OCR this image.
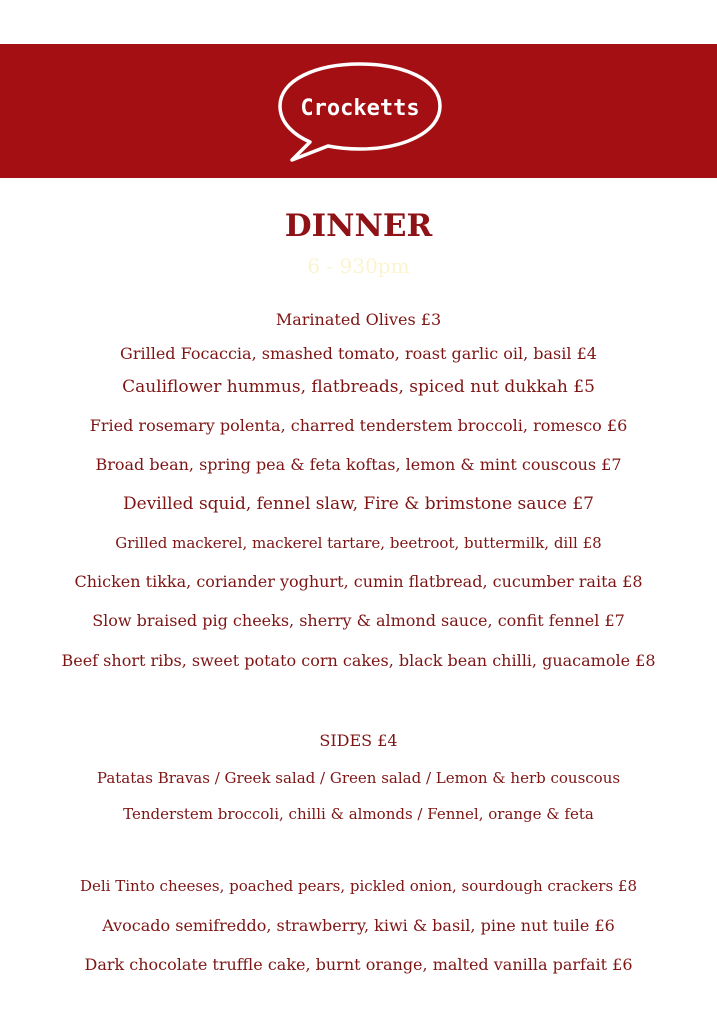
Crocketts
DINNER
6 - 930pm
Marinated Olives £3
Grilled Focaccia, smashed tomato, roast garlic oil, basil £4
Cauliflower hummus, flatbreads, spiced nut dukkah £5
Fried rosemary polenta, charred tenderstem broccoli, romesco £6
Broad bean, spring pea & feta koftas, lemon & mint couscous £7
Devilled squid, fennel slaw, Fire & brimstone sauce £7
Grilled mackerel, mackerel tartare, beetroot, buttermilk, dill £8
Chicken tikka, coriander yoghurt, cumin flatbread, cucumber raita £8
Slow braised pig cheeks, sherry & almond sauce, confit fennel £7
Beef short ribs, sweet potato corn cakes, black bean chilli, guacamole £8
SIDES £4
Patatas Bravas / Greek salad / Green salad / Lemon & herb couscous
Tenderstem broccoli, chilli & almonds / Fennel, orange & feta
Deli Tinto cheeses, poached pears, pickled onion, sourdough crackers £8
Avocado semifreddo, strawberry, kiwi & basil, pine nut tuile £6
Dark chocolate truffle cake, burnt orange, malted vanilla parfait £6
